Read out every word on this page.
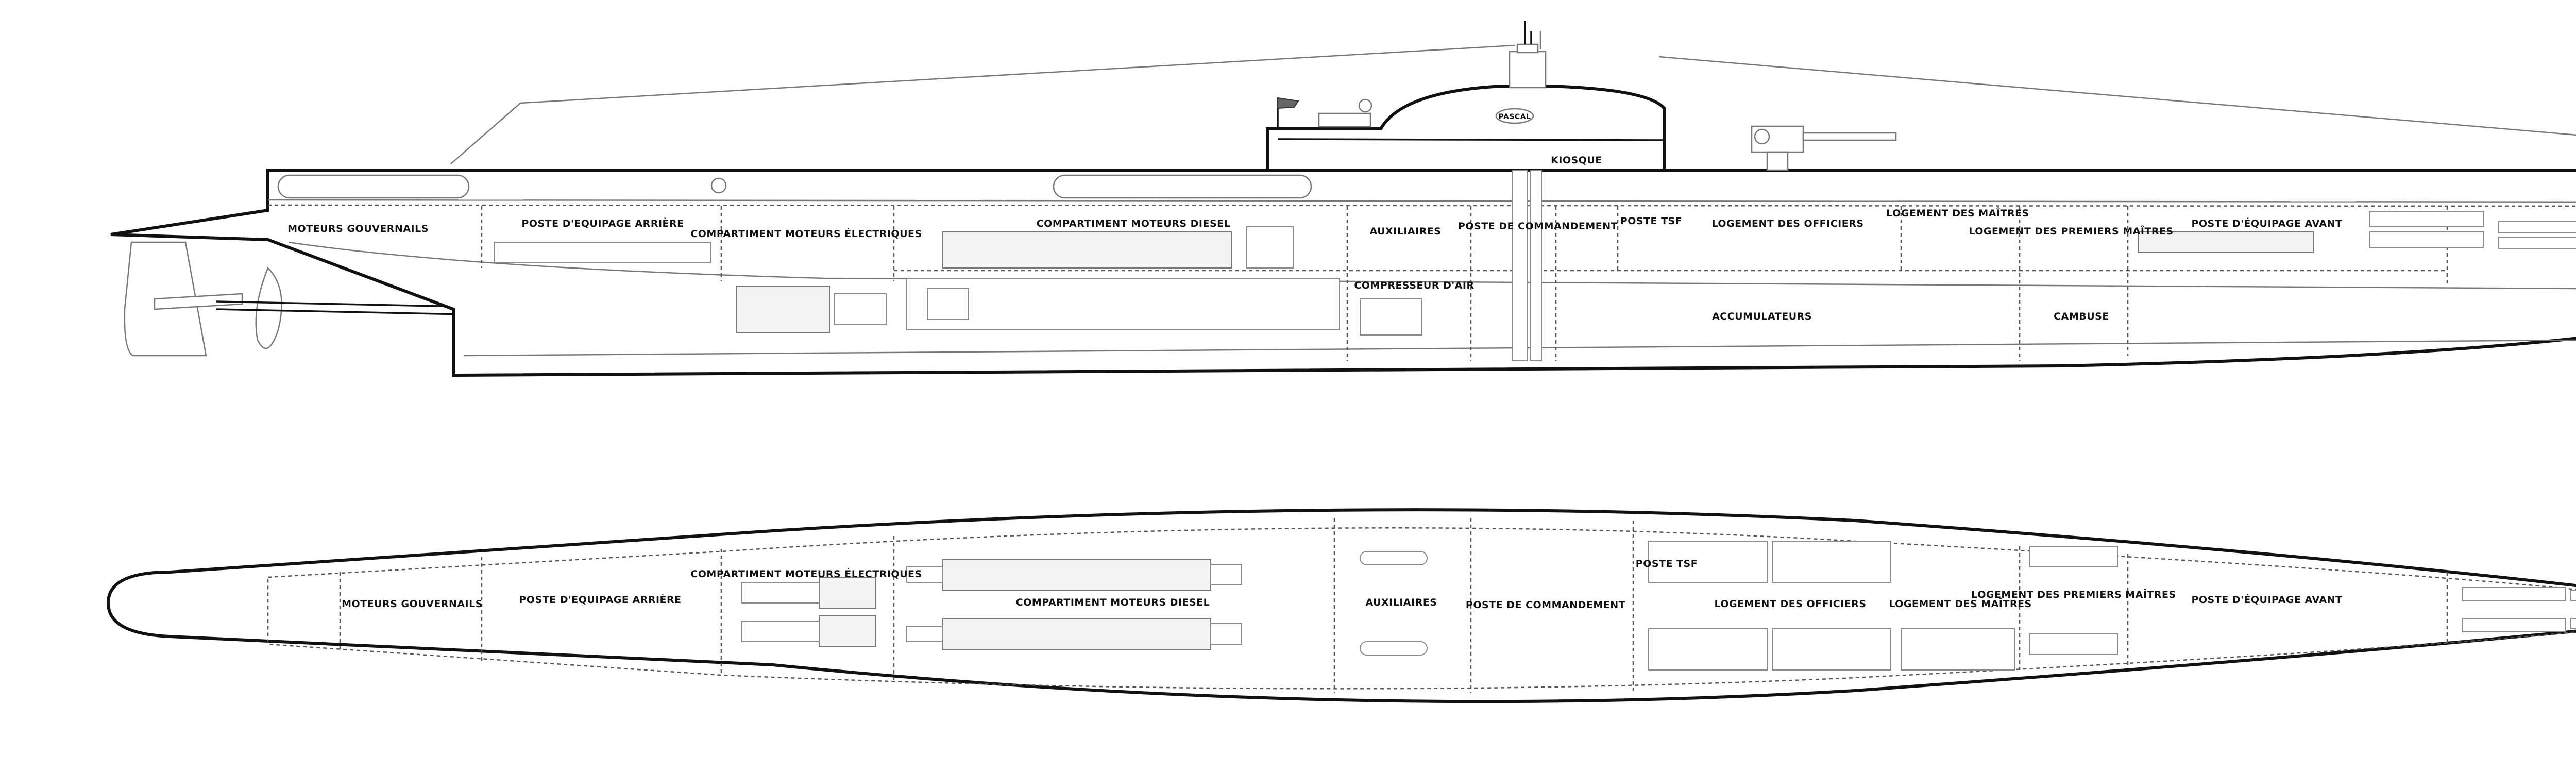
PASCAL
KIOSQUE
MOTEURS GOUVERNAILS	POSTE D'EQUIPAGE ARRIÈRE
COMPARTIMENT MOTEURS ÉLECTRIQUES
COMPARTIMENT MOTEURS DIESEL
AUXILIAIRES POSTE DE COMMANDEMENT POSTE TSF	LOGEMENT DES OFFICIERS
LOGEMENT DES MAÎTRES
LOGEMENT DES PREMIERS MAÎTRES
POSTE D'ÉQUIPAGE AVANT
COMPRESSEUR D'AIR
ACCUMULATEURS	CAMBUSE
MOTEURS GOUVERNAILS	POSTE D'EQUIPAGE ARRIÈRE
COMPARTIMENT MOTEURS ÉLECTRIQUES
COMPARTIMENT MOTEURS DIESEL	AUXILIAIRES	POSTE DE COMMANDEMENT
POSTE TSF
LOGEMENT DES OFFICIERS LOGEMENT DES MAÎTRES
LOGEMENT DES PREMIERS MAÎTRES POSTE D'ÉQUIPAGE AVANT
